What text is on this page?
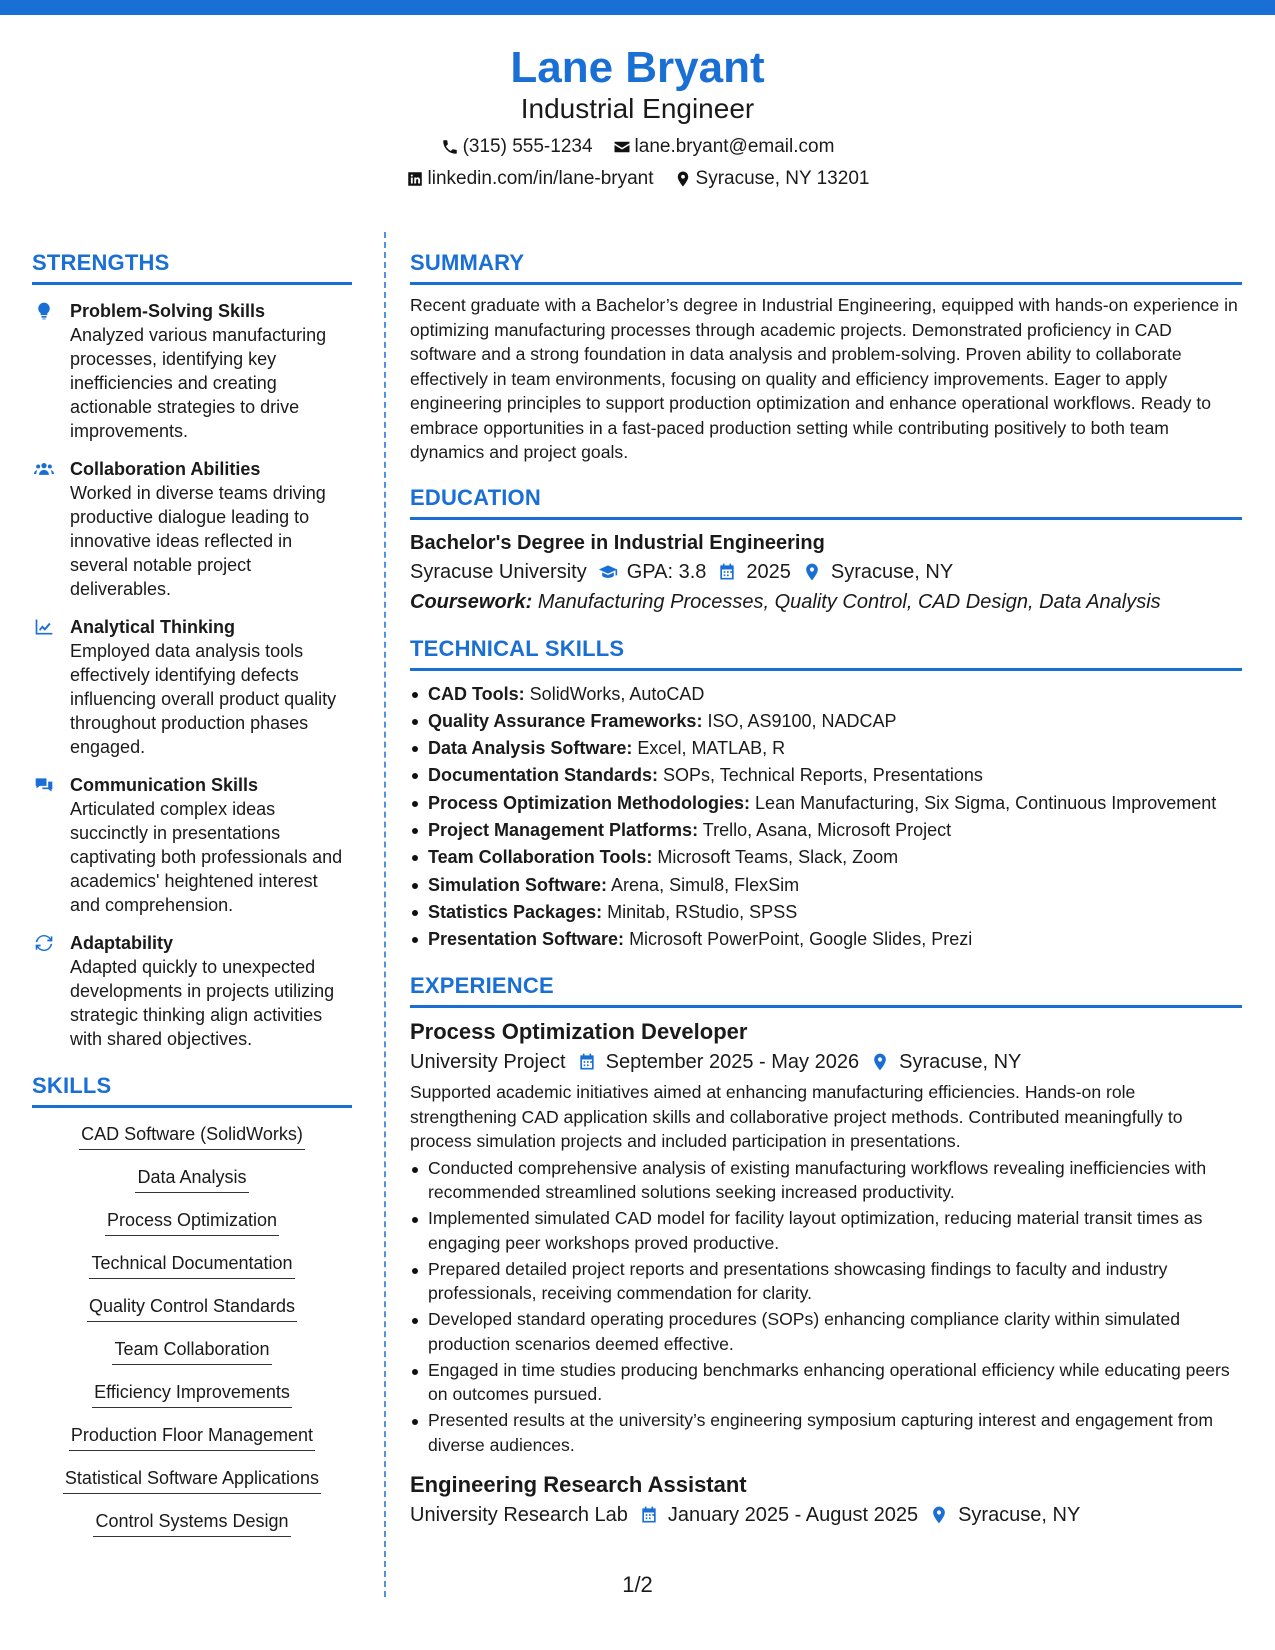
Lane Bryant
Industrial Engineer
(315) 555-1234 lane.bryant@email.com
linkedin.com/in/lane-bryant Syracuse, NY 13201
STRENGTHS
Problem-Solving Skills
Analyzed various manufacturing processes, identifying key inefficiencies and creating actionable strategies to drive improvements.
Collaboration Abilities
Worked in diverse teams driving productive dialogue leading to innovative ideas reflected in several notable project deliverables.
Analytical Thinking
Employed data analysis tools effectively identifying defects influencing overall product quality throughout production phases engaged.
Communication Skills
Articulated complex ideas succinctly in presentations captivating both professionals and academics' heightened interest and comprehension.
Adaptability
Adapted quickly to unexpected developments in projects utilizing strategic thinking align activities with shared objectives.
SKILLS
CAD Software (SolidWorks)
Data Analysis
Process Optimization
Technical Documentation
Quality Control Standards
Team Collaboration
Efficiency Improvements
Production Floor Management
Statistical Software Applications
Control Systems Design
SUMMARY
Recent graduate with a Bachelor’s degree in Industrial Engineering, equipped with hands-on experience in optimizing manufacturing processes through academic projects. Demonstrated proficiency in CAD software and a strong foundation in data analysis and problem-solving. Proven ability to collaborate effectively in team environments, focusing on quality and efficiency improvements. Eager to apply engineering principles to support production optimization and enhance operational workflows. Ready to embrace opportunities in a fast-paced production setting while contributing positively to both team dynamics and project goals.
EDUCATION
Bachelor's Degree in Industrial Engineering
Syracuse University GPA: 3.8 2025 Syracuse, NY
Coursework: Manufacturing Processes, Quality Control, CAD Design, Data Analysis
TECHNICAL SKILLS
CAD Tools: SolidWorks, AutoCAD
Quality Assurance Frameworks: ISO, AS9100, NADCAP
Data Analysis Software: Excel, MATLAB, R
Documentation Standards: SOPs, Technical Reports, Presentations
Process Optimization Methodologies: Lean Manufacturing, Six Sigma, Continuous Improvement
Project Management Platforms: Trello, Asana, Microsoft Project
Team Collaboration Tools: Microsoft Teams, Slack, Zoom
Simulation Software: Arena, Simul8, FlexSim
Statistics Packages: Minitab, RStudio, SPSS
Presentation Software: Microsoft PowerPoint, Google Slides, Prezi
EXPERIENCE
Process Optimization Developer
University Project September 2025 - May 2026 Syracuse, NY
Supported academic initiatives aimed at enhancing manufacturing efficiencies. Hands-on role strengthening CAD application skills and collaborative project methods. Contributed meaningfully to process simulation projects and included participation in presentations.
Conducted comprehensive analysis of existing manufacturing workflows revealing inefficiencies with recommended streamlined solutions seeking increased productivity.
Implemented simulated CAD model for facility layout optimization, reducing material transit times as engaging peer workshops proved productive.
Prepared detailed project reports and presentations showcasing findings to faculty and industry professionals, receiving commendation for clarity.
Developed standard operating procedures (SOPs) enhancing compliance clarity within simulated production scenarios deemed effective.
Engaged in time studies producing benchmarks enhancing operational efficiency while educating peers on outcomes pursued.
Presented results at the university’s engineering symposium capturing interest and engagement from diverse audiences.
Engineering Research Assistant
University Research Lab January 2025 - August 2025 Syracuse, NY
1/2
